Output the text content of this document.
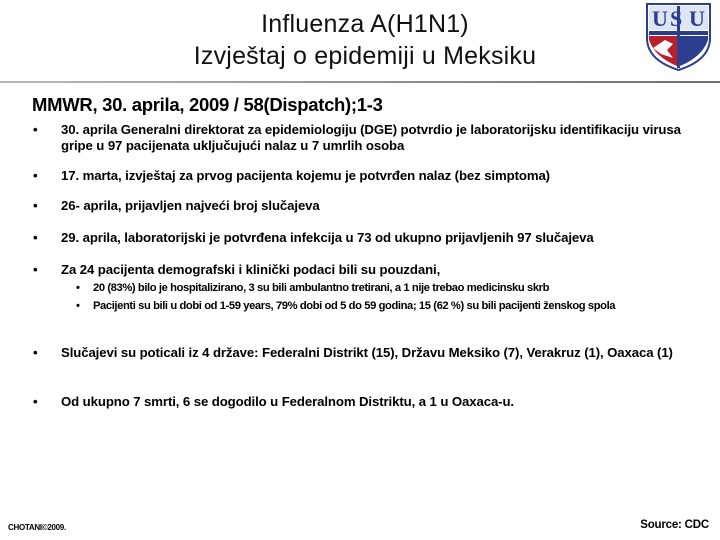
Influenza A(H1N1)
Izvještaj o epidemiji u Meksiku
U S U
MMWR, 30. aprila, 2009 / 58(Dispatch);1-3
• 30. aprila Generalni direktorat za epidemiologiju (DGE) potvrdio je laboratorijsku identifikaciju virusa gripe u 97 pacijenata uključujući nalaz u 7 umrlih osoba
• 17. marta, izvještaj za prvog pacijenta kojemu je potvrđen nalaz (bez simptoma)
• 26- aprila, prijavljen najveći broj slučajeva
• 29. aprila, laboratorijski je potvrđena infekcija u 73 od ukupno prijavljenih 97 slučajeva
• Za 24 pacijenta demografski i klinički podaci bili su pouzdani,
• 20 (83%) bilo je hospitalizirano, 3 su bili ambulantno tretirani, a 1 nije trebao medicinsku skrb
• Pacijenti su bili u dobi od 1-59 years, 79% dobi od 5 do 59 godina; 15 (62 %) su bili pacijenti ženskog spola
• Slučajevi su poticali iz 4 države: Federalni Distrikt (15), Državu Meksiko (7), Verakruz (1), Oaxaca (1)
• Od ukupno 7 smrti, 6 se dogodilo u Federalnom Distriktu, a 1 u Oaxaca-u.
CHOTANI©2009.	Source: CDC
